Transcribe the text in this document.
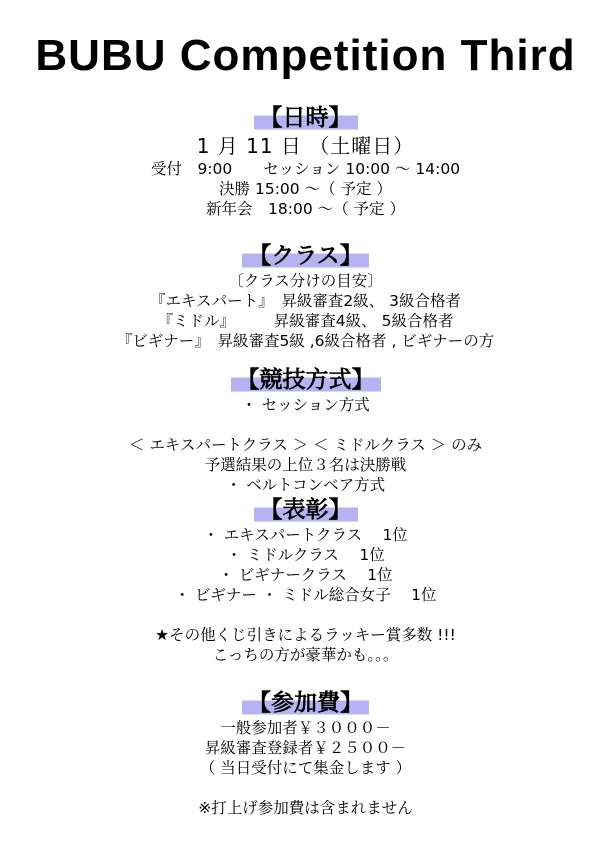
BUBU Competition Third
【日時】
1 月 11 日 （土曜日）
受付　9:00　　セッション 10:00 ～ 14:00
決勝 15:00 ～（ 予定 ）
新年会　18:00 ～（ 予定 ）
【クラス】
〔クラス分けの目安〕
『エキスパート』　昇級審査2級、 3級合格者
『ミドル』　　　昇級審査4級、 5級合格者
『ビギナー』　昇級審査5級 ,6級合格者 , ビギナーの方
【競技方式】
・ セッション方式
＜ エキスパートクラス ＞ ＜ ミドルクラス ＞ のみ
予選結果の上位３名は決勝戦
・ ベルトコンベア方式
【表彰】
・ エキスパートクラス　 1位
・ ミドルクラス　 1位
・ ビギナークラス　 1位
・ ビギナー ・ ミドル総合女子　 1位
★その他くじ引きによるラッキー賞多数 !!!
こっちの方が豪華かも。。。
【参加費】
一般参加者￥３０００－
昇級審査登録者￥２５００－
（ 当日受付にて集金します ）
※打上げ参加費は含まれません
